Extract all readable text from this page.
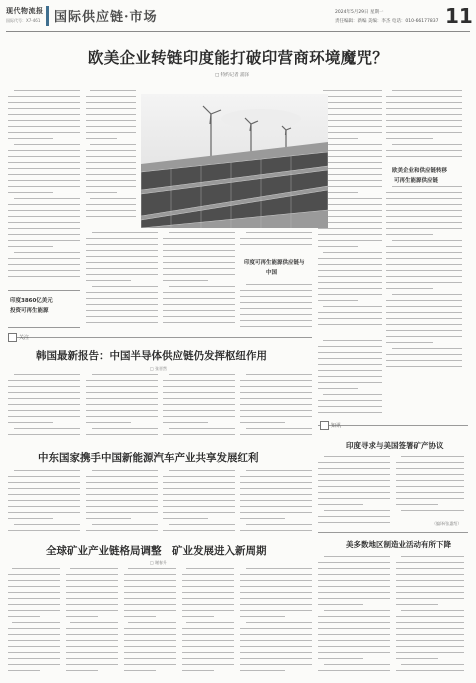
现代物流报
国际代号：X7-461 国际供应链·市场	2024年5月29日 星期一
责任编辑：新编 美编：李杰 电话：010-66177837 11
欧美企业转链印度能打破印营商环境魔咒？
□ 特约记者 浦泽
印度3860亿美元
投资可再生能源
印度可再生能源供应链与
中国
欧美企业和供应链转移
可再生能源供应链
关注
韩国最新报告：中国半导体供应链仍发挥枢纽作用
□ 张晋然
中东国家携手中国新能源汽车产业共享发展红利
全球矿业产业链格局调整　矿业发展进入新周期
□ 谢春升
知讯
印度寻求与美国签署矿产协议
（编译/张惠绍）
美多数地区制造业活动有所下降
